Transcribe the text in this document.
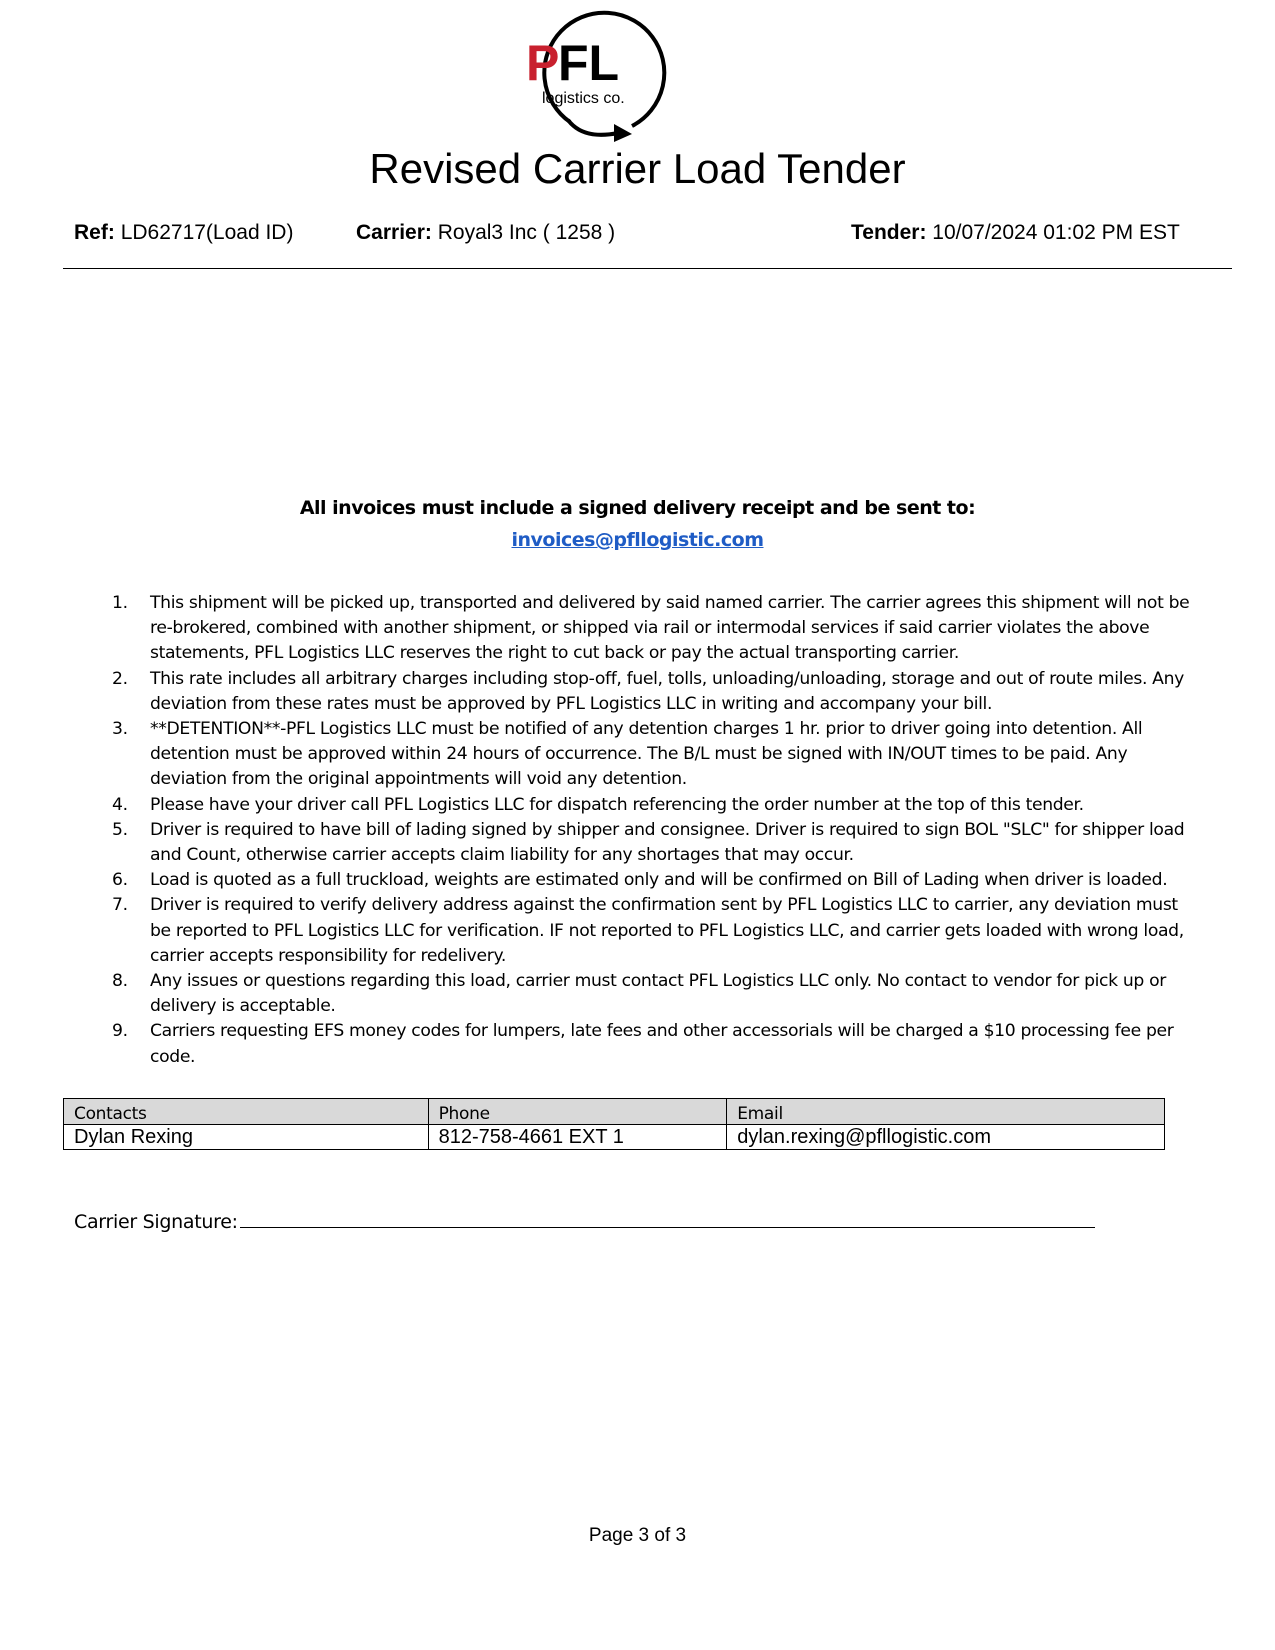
P
FL
logistics co.
Revised Carrier Load Tender
Ref: LD62717(Load ID)	Carrier: Royal3 Inc ( 1258 )	Tender: 10/07/2024 01:02 PM EST
All invoices must include a signed delivery receipt and be sent to:
invoices@pfllogistic.com
1. This shipment will be picked up, transported and delivered by said named carrier. The carrier agrees this shipment will not be re-brokered, combined with another shipment, or shipped via rail or intermodal services if said carrier violates the above statements, PFL Logistics LLC reserves the right to cut back or pay the actual transporting carrier.
2. This rate includes all arbitrary charges including stop-off, fuel, tolls, unloading/unloading, storage and out of route miles. Any deviation from these rates must be approved by PFL Logistics LLC in writing and accompany your bill.
3. **DETENTION**-PFL Logistics LLC must be notified of any detention charges 1 hr. prior to driver going into detention. All detention must be approved within 24 hours of occurrence. The B/L must be signed with IN/OUT times to be paid. Any deviation from the original appointments will void any detention.
4. Please have your driver call PFL Logistics LLC for dispatch referencing the order number at the top of this tender.
5. Driver is required to have bill of lading signed by shipper and consignee. Driver is required to sign BOL "SLC" for shipper load and Count, otherwise carrier accepts claim liability for any shortages that may occur.
6. Load is quoted as a full truckload, weights are estimated only and will be confirmed on Bill of Lading when driver is loaded.
7. Driver is required to verify delivery address against the confirmation sent by PFL Logistics LLC to carrier, any deviation must be reported to PFL Logistics LLC for verification. IF not reported to PFL Logistics LLC, and carrier gets loaded with wrong load, carrier accepts responsibility for redelivery.
8. Any issues or questions regarding this load, carrier must contact PFL Logistics LLC only. No contact to vendor for pick up or delivery is acceptable.
9. Carriers requesting EFS money codes for lumpers, late fees and other accessorials will be charged a $10 processing fee per code.
Contacts	Phone	Email
Dylan Rexing	812-758-4661 EXT 1	dylan.rexing@pfllogistic.com
Carrier Signature:
Page 3 of 3
